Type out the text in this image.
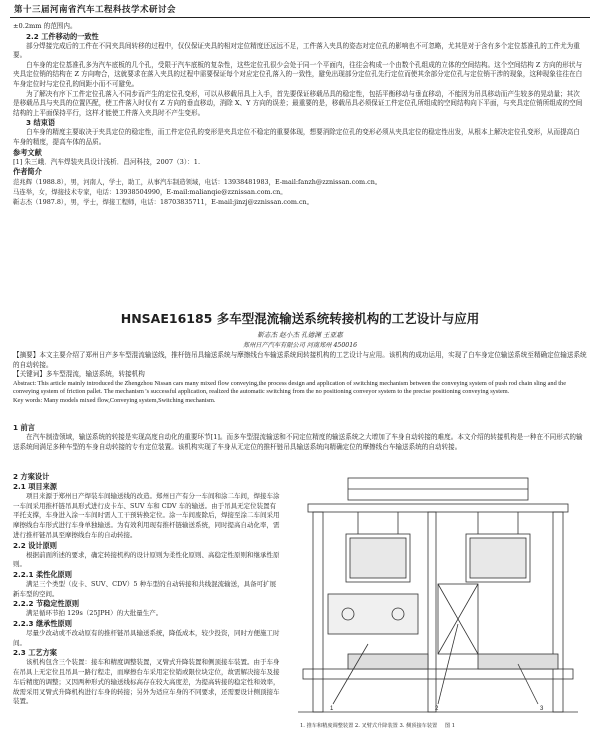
第十三届河南省汽车工程科技学术研讨会

±0.2mm 的范围内。

2.2 工件移动的一致性

部分焊接完成后的工件在不同夹具间转移的过程中，仅仅保证夹具的相对定位精度还远远不足，工件落入夹具的姿态对定位孔的影响也不可忽略，尤其是对于含有多个定位基准孔的工件尤为重要。

白车身的定位基准孔多为汽车底板的几个孔，受限于汽车底板的复杂性，这些定位孔很少会处于同一个平面内，往往会构成一个由数个孔组成的立体的空间结构。这个空间结构 Z 方向的形状与夹具定位销的结构在 Z 方向吻合，这就要求在落入夹具的过程中需要保证每个对应定位孔落入的一致性，避免出现部分定位孔先行定位而使其余部分定位孔与定位销干涉的现象，这种现象往往在白车身定位时与定位孔的间距小而不可避免。

为了解决有序下工件定位孔落入不同步而产生的定位孔变形，可以从移载吊具上入手，首先要保证移载吊具的稳定性，包括平衡移动与垂直移动，不能因为吊具移动而产生较多的晃动量；其次是移载吊具与夹具的位置匹配，使工件落入时仅有 Z 方向的垂直移动，消除 X、Y 方向的误差；最重要的是，移载吊具必须保证工件定位孔所组成的空间结构向下平面，与夹具定位销所组成的空间结构的上平面保持平行，这样才能使工件落入夹具时不产生变形。

3 结束语

白车身的精度主要取决于夹具定位的稳定性，而工件定位孔的变形是夹具定位不稳定的重要体现，想要消除定位孔的变形必须从夹具定位的稳定性出发，从根本上解决定位孔变形，从而提高白车身的精度，提高车体的品质。

参考文献

[1] 朱三峨．汽车焊装夹具设计浅析．昌河科技，2007（3）：1.

作者简介

范兆辉（1988.8），男，河南人，学士，助工，从事汽车制造领域，电话：13938481983，E-mail:fanzh@zznissan.com.cn。

马连举，女，焊接技术专家，电话：13938504990，E-mail:malianqie@zznissan.com.cn。

靳志杰（1987.8），男，学士，焊接工程师，电话：18703835711，E-mail:jinzj@zznissan.com.cn。

HNSAE16185 多车型混流输送系统转接机构的工艺设计与应用
靳志杰 赵小杰 孔德渊 王亚惠
郑州日产汽车有限公司 河南郑州 450016

【摘要】本文主要介绍了郑州日产多车型混流输送线，推杆链吊具输送系统与摩擦线台车输送系统间转接机构的工艺设计与应用。该机构的成功运用，实现了白车身定位输送系统至精确定位输送系统的自动转接。

【关键词】多车型混流，输送系统，转接机构

Abstract: This article mainly introduced the Zhengzhou Nissan cars many mixed flow conveying,the process design and application of switching mechanism between the conveying system of push rod chain sling and the conveying system of friction pallet. The mechanism 's successful application, realized the automatic switching from the no positioning conveyor system to the precise positioning conveying system.

Key words: Many models mixed flow,Conveying system,Switching mechanism.

1 前言

在汽车制造领域，输送系统的转接是实现高度自动化的重要环节[1]。而多车型混流输送和不同定位精度的输送系统之大增加了车身自动转接的难度。本文介绍的转接机构是一种在不同形式的输送系统间满足多种车型的车身自动转接的专有定位装置。该机构实现了车身从无定位的推杆链吊具输送系统向精确定位的摩擦线台车输送系统的自动转接。

2 方案设计

2.1 项目来源

项目来源于郑州日产焊装车间输送线的改造。郑州日产有分一车间和涂二车间，焊接车涂一车间采用推杆链吊具形式进行皮卡车、SUV 车和 CDV 车的输送。由于吊具无定位装置有平托支撑，车身进入涂一车间时需人工干预转换定位。涂一车间废除后，焊接至涂二车间采用摩擦线台车形式进行车身单独输送。为有效利用现有推杆链输送系统，同时提高自动化率，需进行推杆链吊具至摩擦线台车的自动转接。

2.2 设计原则

根据前面所述的要求，确定转接机构的设计原则为柔性化原则、高稳定性原则和继承性原则。

2.2.1 柔性化原则

满足三个类型（皮卡、SUV、CDV）5 种车型的自动转接和共线混流输送，具备可扩展新车型的空间。

2.2.2 节稳定性原则

满足循环节拍 129s（25JPH）的大批量生产。

2.2.3 继承性原则

尽量少改动或不改动原有的推杆链吊具输送系统，降低成本，较少投资，同时方便施工时间。

2.3 工艺方案

该机构包含三个装置：接车和精度调整装置，叉臂式升降装置和侧顶接车装置。由于车身在吊具上无定位且吊具一路行程走，而摩擦台车采用定位销或限位块定位，故需解决接车及接车后精度的调整；又因两种形式的输送线标高存在较大高度差，为提高转接的稳定性和效率，故需采用叉臂式升降机构进行车身的转接；另外为适应车身的不同要求，还需要设计侧顶接车装置。

1	2	3
1. 推车和精度调整装置 2. 叉臂式升降装置 3. 侧顶接车装置 图 1
